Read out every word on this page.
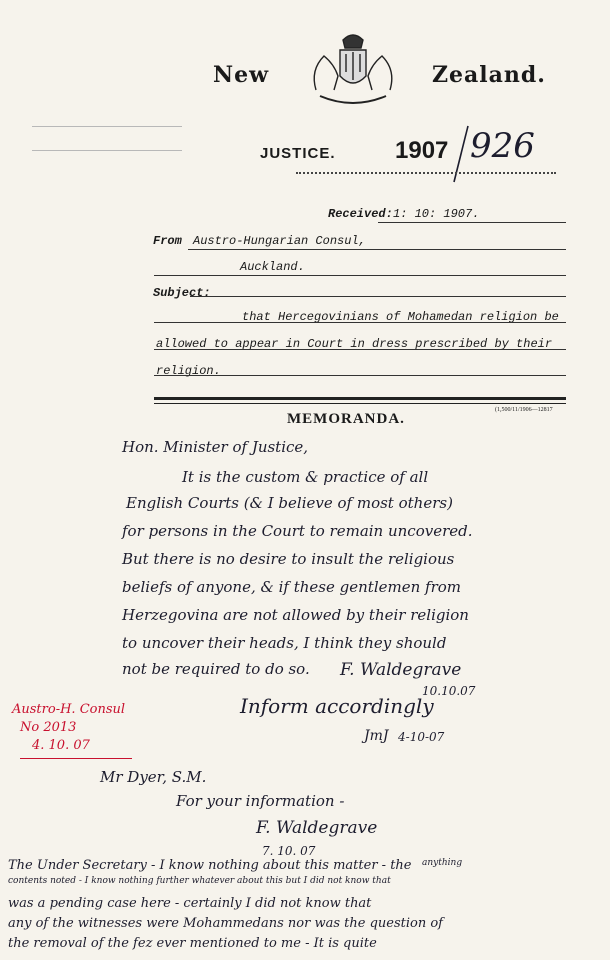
New	Zealand.
JUSTICE. 1907 926
Received: 1: 10: 1907.
From Austro-Hungarian Consul,
Auckland.
Subject:
that Hercegovinians of Mohamedan religion be
allowed to appear in Court in dress prescribed by their
religion.
(1,500/11/1906—12817
MEMORANDA.
Hon. Minister of Justice,
It is the custom & practice of all
English Courts (& I believe of most others)
for persons in the Court to remain uncovered.
But there is no desire to insult the religious
beliefs of anyone, & if these gentlemen from
Herzegovina are not allowed by their religion
to uncover their heads, I think they should
not be required to do so. F. Waldegrave
10.10.07
Inform accordingly
JmJ 4-10-07
Austro-H. Consul
No 2013
4. 10. 07
Mr Dyer, S.M.
For your information -
F. Waldegrave
7. 10. 07
The Under Secretary - I know nothing about this matter - the anything
contents noted - I know nothing further whatever about this but I did not know that
was a pending case here - certainly I did not know that
any of the witnesses were Mohammedans nor was the question of
the removal of the fez ever mentioned to me - It is quite
